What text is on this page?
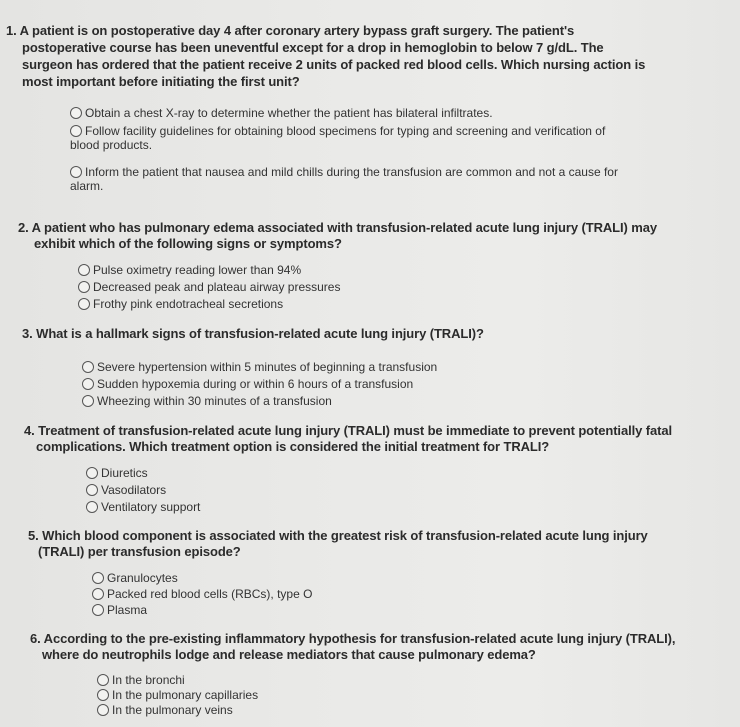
1. A patient is on postoperative day 4 after coronary artery bypass graft surgery. The patient's
postoperative course has been uneventful except for a drop in hemoglobin to below 7 g/dL. The
surgeon has ordered that the patient receive 2 units of packed red blood cells. Which nursing action is
most important before initiating the first unit?
Obtain a chest X-ray to determine whether the patient has bilateral infiltrates.
Follow facility guidelines for obtaining blood specimens for typing and screening and verification of
blood products.
Inform the patient that nausea and mild chills during the transfusion are common and not a cause for
alarm.
2. A patient who has pulmonary edema associated with transfusion-related acute lung injury (TRALI) may
exhibit which of the following signs or symptoms?
Pulse oximetry reading lower than 94%
Decreased peak and plateau airway pressures
Frothy pink endotracheal secretions
3. What is a hallmark signs of transfusion-related acute lung injury (TRALI)?
Severe hypertension within 5 minutes of beginning a transfusion
Sudden hypoxemia during or within 6 hours of a transfusion
Wheezing within 30 minutes of a transfusion
4. Treatment of transfusion-related acute lung injury (TRALI) must be immediate to prevent potentially fatal
complications. Which treatment option is considered the initial treatment for TRALI?
Diuretics
Vasodilators
Ventilatory support
5. Which blood component is associated with the greatest risk of transfusion-related acute lung injury
(TRALI) per transfusion episode?
Granulocytes
Packed red blood cells (RBCs), type O
Plasma
6. According to the pre-existing inflammatory hypothesis for transfusion-related acute lung injury (TRALI),
where do neutrophils lodge and release mediators that cause pulmonary edema?
In the bronchi
In the pulmonary capillaries
In the pulmonary veins
